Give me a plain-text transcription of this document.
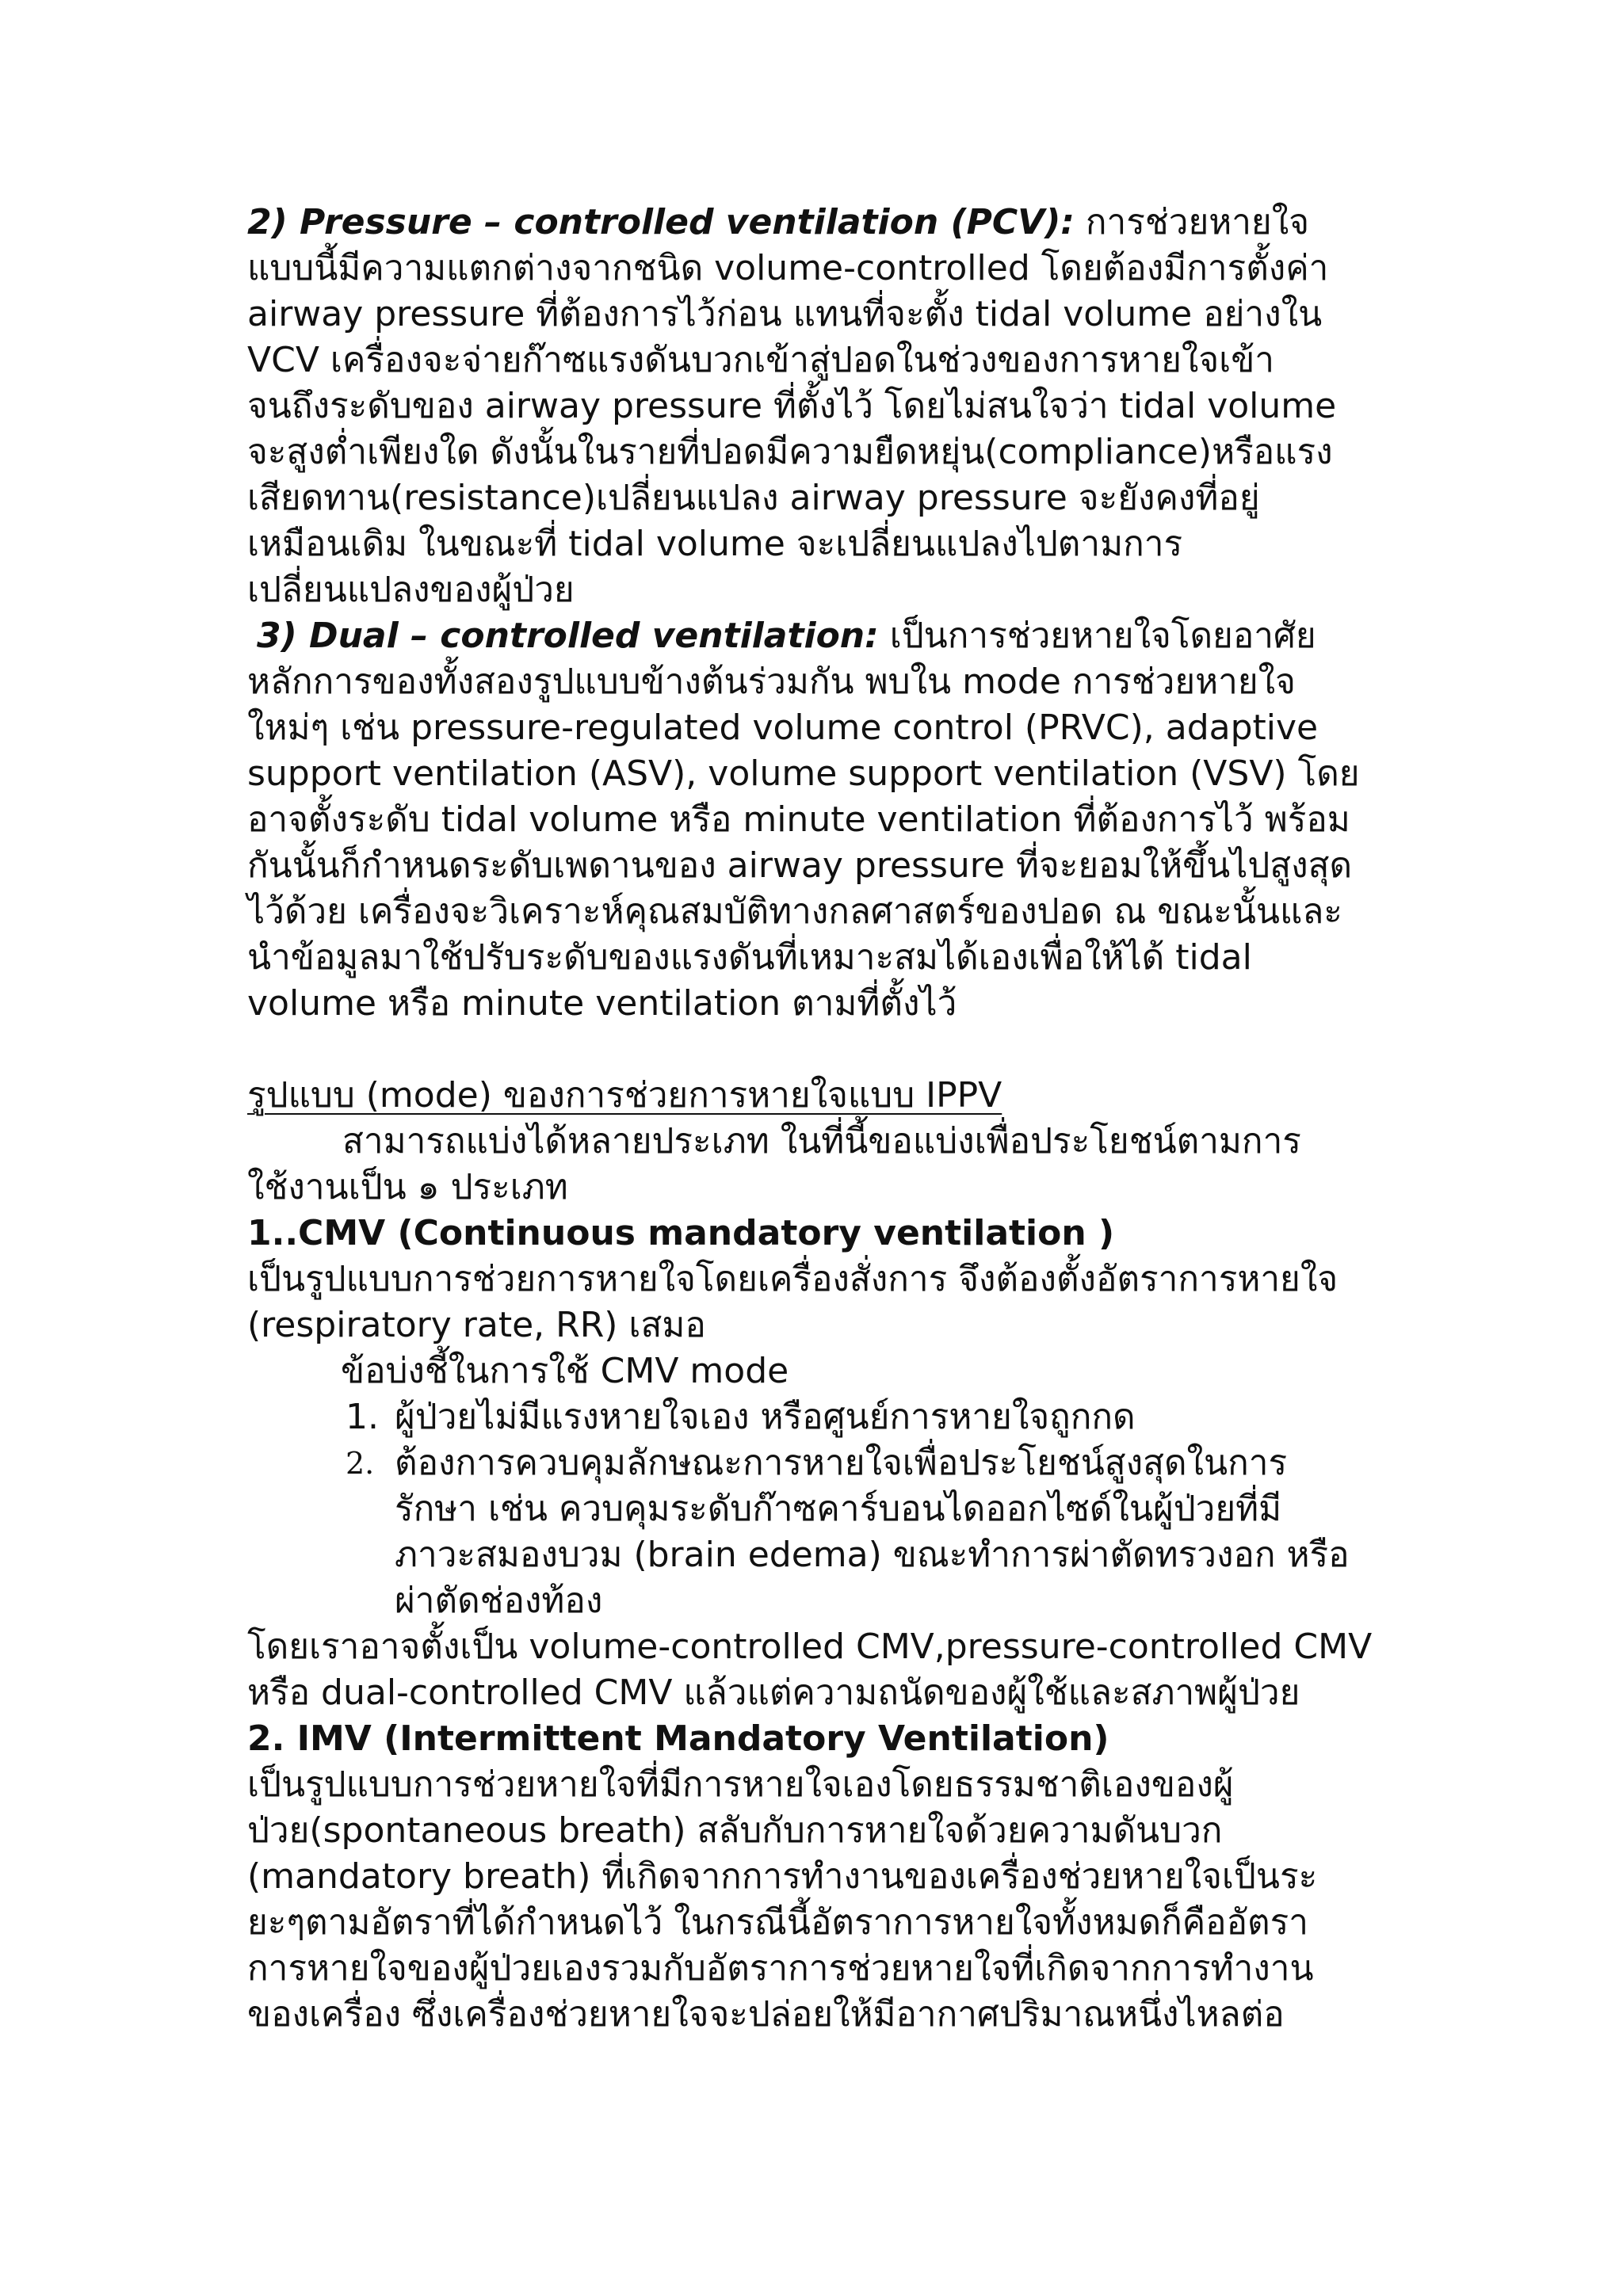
2) Pressure – controlled ventilation (PCV): การช่วยหายใจ
แบบนี้มีความแตกต่างจากชนิด volume-controlled โดยต้องมีการตั้งค่า
airway pressure ที่ต้องการไว้ก่อน แทนที่จะตั้ง tidal volume อย่างใน
VCV เครื่องจะจ่ายก๊าซแรงดันบวกเข้าสู่ปอดในช่วงของการหายใจเข้า
จนถึงระดับของ airway pressure ที่ตั้งไว้ โดยไม่สนใจว่า tidal volume
จะสูงต่ำเพียงใด ดังนั้นในรายที่ปอดมีความยืดหยุ่น(compliance)หรือแรง
เสียดทาน(resistance)เปลี่ยนแปลง airway pressure จะยังคงที่อยู่
เหมือนเดิม ในขณะที่ tidal volume จะเปลี่ยนแปลงไปตามการ
เปลี่ยนแปลงของผู้ป่วย
3) Dual – controlled ventilation: เป็นการช่วยหายใจโดยอาศัย
หลักการของทั้งสองรูปแบบข้างต้นร่วมกัน พบใน mode การช่วยหายใจ
ใหม่ๆ เช่น pressure-regulated volume control (PRVC), adaptive
support ventilation (ASV), volume support ventilation (VSV) โดย
อาจตั้งระดับ tidal volume หรือ minute ventilation ที่ต้องการไว้ พร้อม
กันนั้นก็กำหนดระดับเพดานของ airway pressure ที่จะยอมให้ขึ้นไปสูงสุด
ไว้ด้วย เครื่องจะวิเคราะห์คุณสมบัติทางกลศาสตร์ของปอด ณ ขณะนั้นและ
นำข้อมูลมาใช้ปรับระดับของแรงดันที่เหมาะสมได้เองเพื่อให้ได้ tidal
volume หรือ minute ventilation ตามที่ตั้งไว้
รูปแบบ (mode) ของการช่วยการหายใจแบบ IPPV
สามารถแบ่งได้หลายประเภท ในที่นี้ขอแบ่งเพื่อประโยชน์ตามการ
ใช้งานเป็น ๑ ประเภท
1..CMV (Continuous mandatory ventilation )
เป็นรูปแบบการช่วยการหายใจโดยเครื่องสั่งการ จึงต้องตั้งอัตราการหายใจ
(respiratory rate, RR) เสมอ
ข้อบ่งชี้ในการใช้ CMV mode
1. ผู้ป่วยไม่มีแรงหายใจเอง หรือศูนย์การหายใจถูกกด
2. ต้องการควบคุมลักษณะการหายใจเพื่อประโยชน์สูงสุดในการ
รักษา เช่น ควบคุมระดับก๊าซคาร์บอนไดออกไซด์ในผู้ป่วยที่มี
ภาวะสมองบวม (brain edema) ขณะทำการผ่าตัดทรวงอก หรือ
ผ่าตัดช่องท้อง
โดยเราอาจตั้งเป็น volume-controlled CMV,pressure-controlled CMV
หรือ dual-controlled CMV แล้วแต่ความถนัดของผู้ใช้และสภาพผู้ป่วย
2. IMV (Intermittent Mandatory Ventilation)
เป็นรูปแบบการช่วยหายใจที่มีการหายใจเองโดยธรรมชาติเองของผู้
ป่วย(spontaneous breath) สลับกับการหายใจด้วยความดันบวก
(mandatory breath) ที่เกิดจากการทำงานของเครื่องช่วยหายใจเป็นระ
ยะๆตามอัตราที่ได้กำหนดไว้ ในกรณีนี้อัตราการหายใจทั้งหมดก็คืออัตรา
การหายใจของผู้ป่วยเองรวมกับอัตราการช่วยหายใจที่เกิดจากการทำงาน
ของเครื่อง ซึ่งเครื่องช่วยหายใจจะปล่อยให้มีอากาศปริมาณหนึ่งไหลต่อ
